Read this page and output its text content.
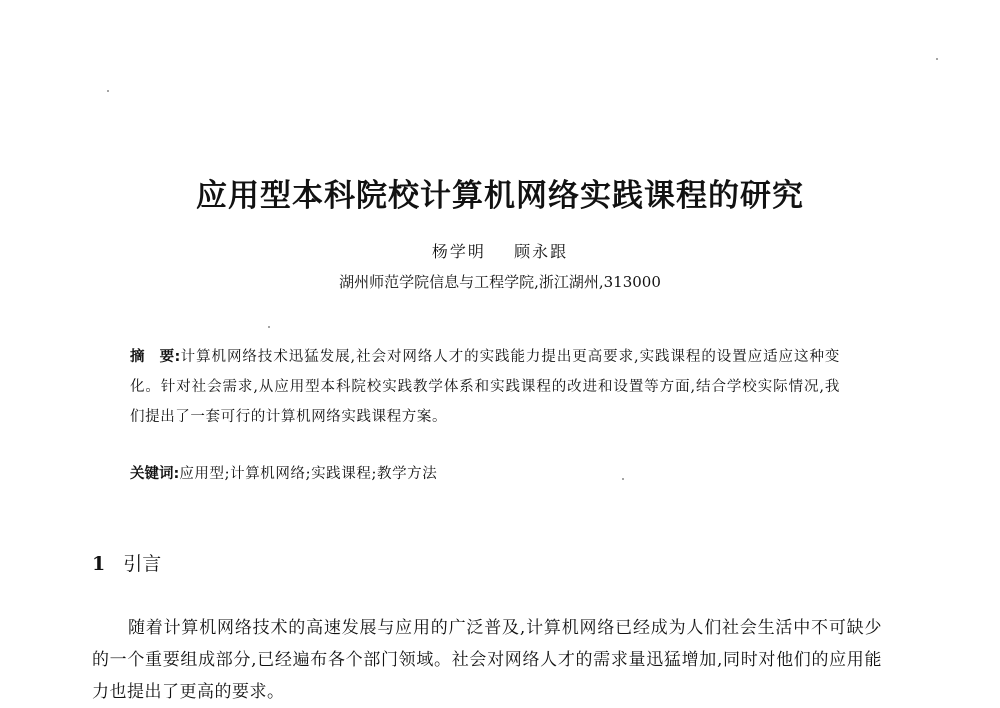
应用型本科院校计算机网络实践课程的研究
杨学明    顾永跟
湖州师范学院信息与工程学院,浙江湖州,313000
摘　要:计算机网络技术迅猛发展,社会对网络人才的实践能力提出更高要求,实践课程的设置应适应这种变化。针对社会需求,从应用型本科院校实践教学体系和实践课程的改进和设置等方面,结合学校实际情况,我们提出了一套可行的计算机网络实践课程方案。
关键词:应用型;计算机网络;实践课程;教学方法
1 引言
随着计算机网络技术的高速发展与应用的广泛普及,计算机网络已经成为人们社会生活中不可缺少的一个重要组成部分,已经遍布各个部门领域。社会对网络人才的需求量迅猛增加,同时对他们的应用能力也提出了更高的要求。
